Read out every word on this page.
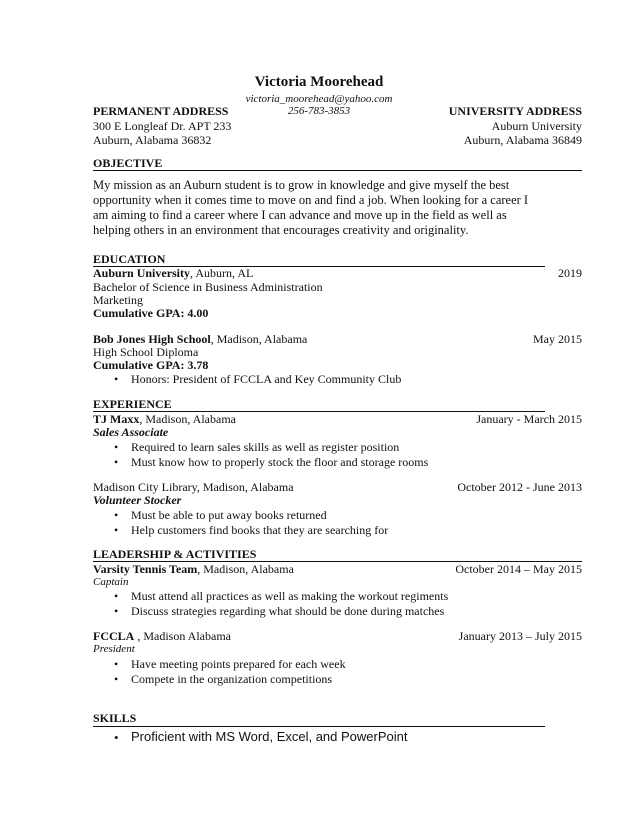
Victoria Moorehead
victoria_moorehead@yahoo.com
256-783-3853
PERMANENT ADDRESS
300 E Longleaf Dr. APT 233
Auburn, Alabama 36832
UNIVERSITY ADDRESS
Auburn University
Auburn, Alabama 36849
OBJECTIVE
My mission as an Auburn student is to grow in knowledge and give myself the best opportunity when it comes time to move on and find a job. When looking for a career I am aiming to find a career where I can advance and move up in the field as well as helping others in an environment that encourages creativity and originality.
EDUCATION
Auburn University, Auburn, AL	2019
Bachelor of Science in Business Administration
Marketing
Cumulative GPA: 4.00
Bob Jones High School, Madison, Alabama	May 2015
High School Diploma
Cumulative GPA: 3.78
• Honors: President of FCCLA and Key Community Club
EXPERIENCE
TJ Maxx, Madison, Alabama	January - March 2015
Sales Associate
• Required to learn sales skills as well as register position
• Must know how to properly stock the floor and storage rooms
Madison City Library, Madison, Alabama	October 2012 - June 2013
Volunteer Stocker
• Must be able to put away books returned
• Help customers find books that they are searching for
LEADERSHIP & ACTIVITIES
Varsity Tennis Team, Madison, Alabama	October 2014 – May 2015
Captain
• Must attend all practices as well as making the workout regiments
• Discuss strategies regarding what should be done during matches
FCCLA , Madison Alabama	January 2013 – July 2015
President
• Have meeting points prepared for each week
• Compete in the organization competitions
SKILLS
• Proficient with MS Word, Excel, and PowerPoint
